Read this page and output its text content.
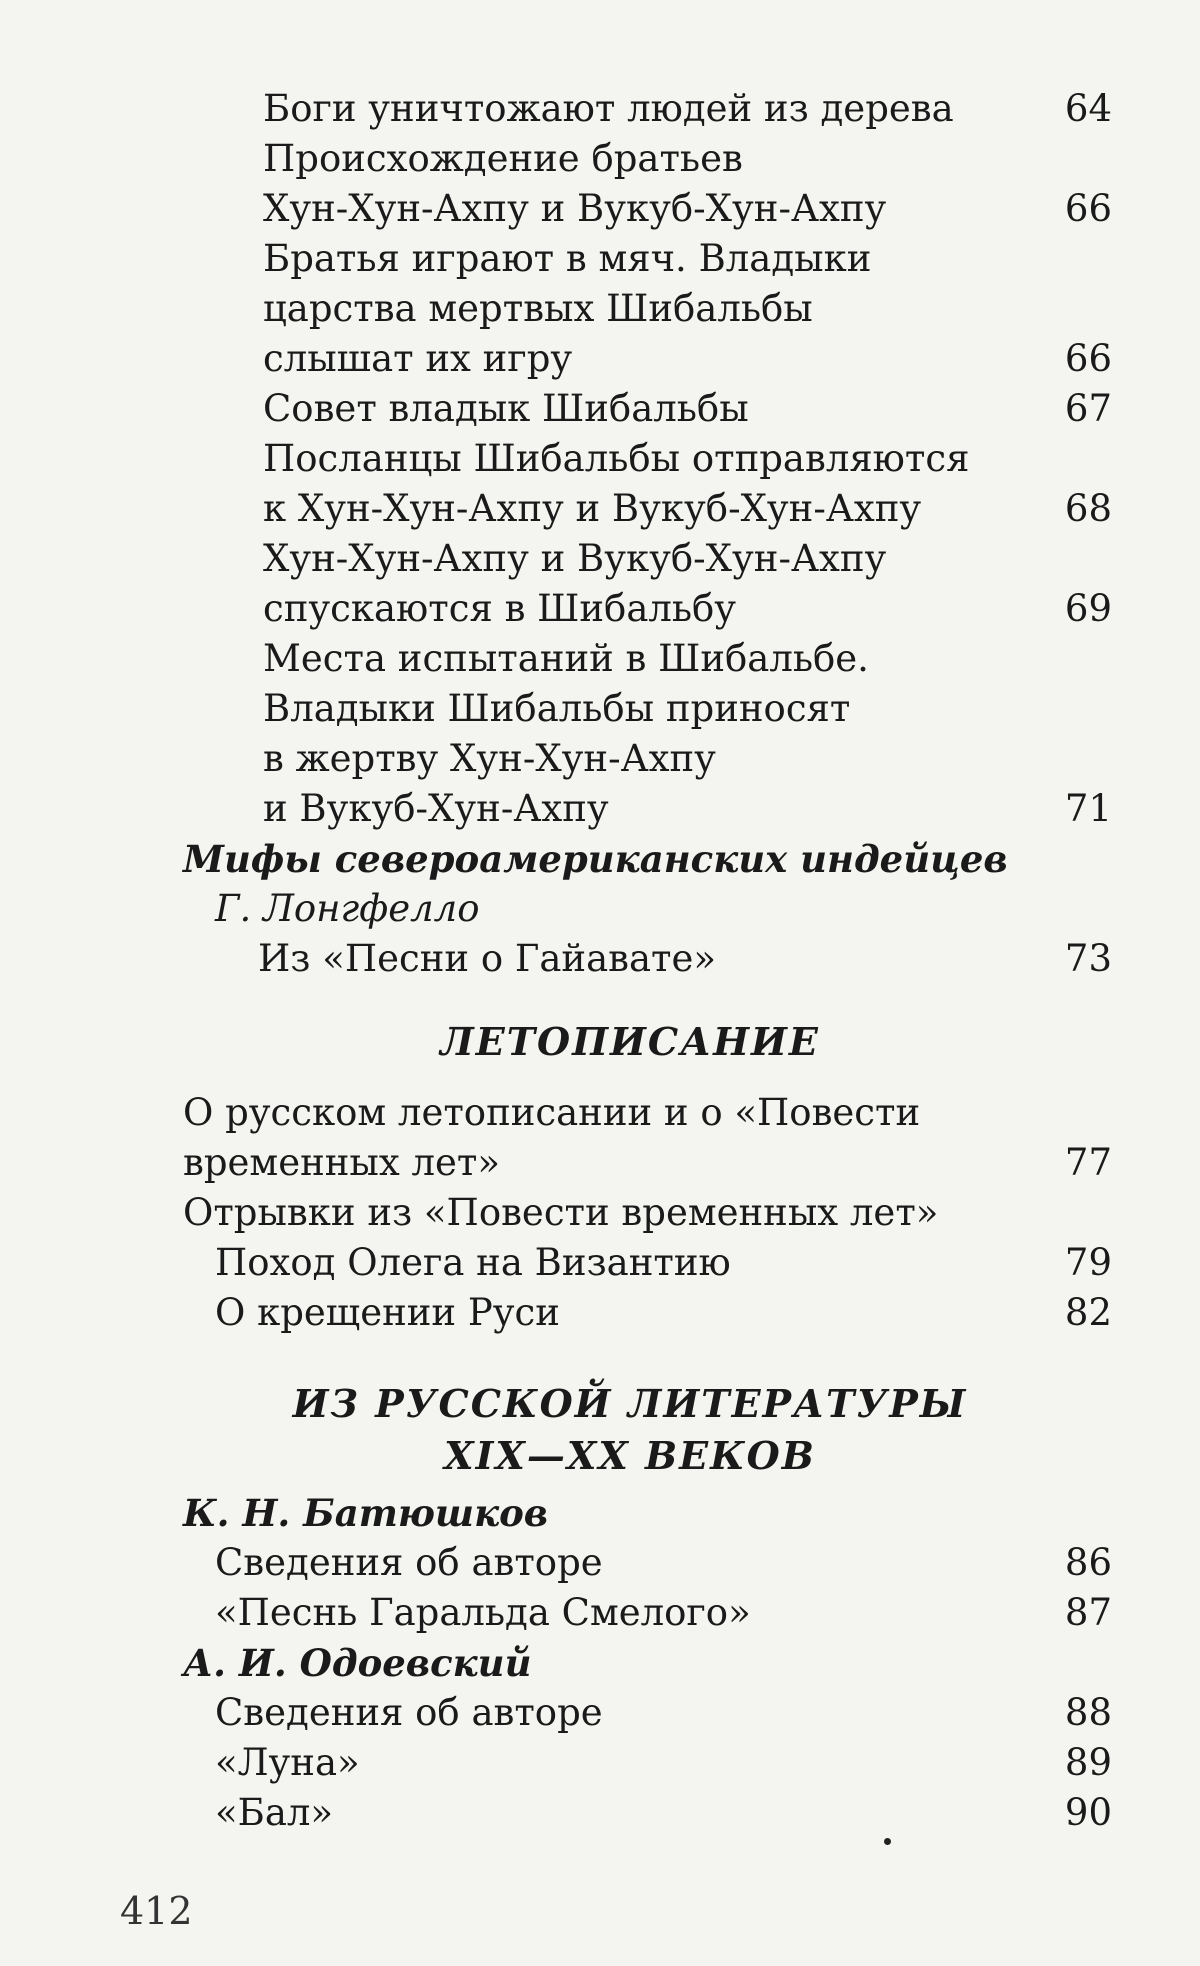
Боги уничтожают людей из дерева	64
Происхождение братьев
Хун-Хун-Ахпу и Вукуб-Хун-Ахпу	66
Братья играют в мяч. Владыки
царства мертвых Шибальбы
слышат их игру	66
Совет владык Шибальбы	67
Посланцы Шибальбы отправляются
к Хун-Хун-Ахпу и Вукуб-Хун-Ахпу	68
Хун-Хун-Ахпу и Вукуб-Хун-Ахпу
спускаются в Шибальбу	69
Места испытаний в Шибальбе.
Владыки Шибальбы приносят
в жертву Хун-Хун-Ахпу
и Вукуб-Хун-Ахпу	71
Мифы североамериканских индейцев
Г. Лонгфелло
Из «Песни о Гайавате»	73
ЛЕТОПИСАНИЕ
О русском летописании и о «Повести
временных лет»	77
Отрывки из «Повести временных лет»
Поход Олега на Византию	79
О крещении Руси	82
ИЗ РУССКОЙ ЛИТЕРАТУРЫ
XIX—XX ВЕКОВ
К. Н. Батюшков
Сведения об авторе	86
«Песнь Гаральда Смелого»	87
А. И. Одоевский
Сведения об авторе	88
«Луна»	89
«Бал»	90
412
